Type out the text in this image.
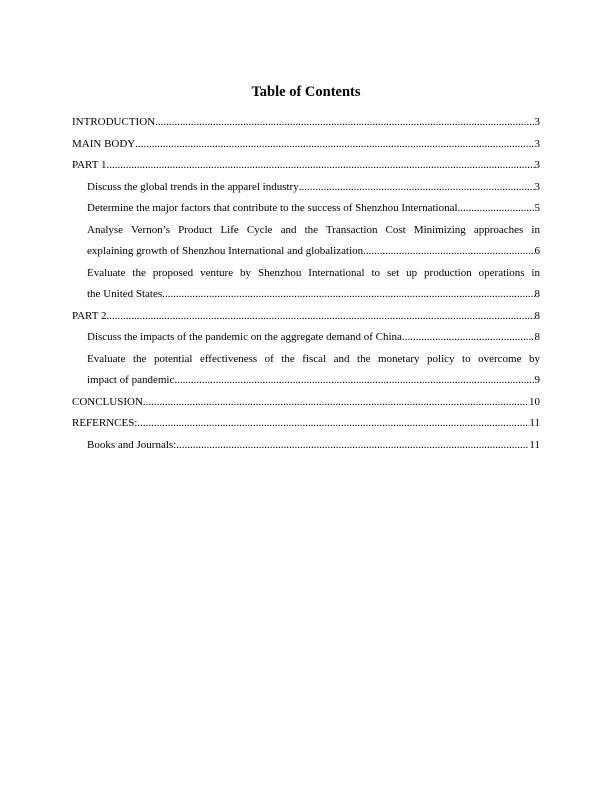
Table of Contents
INTRODUCTION .....	3
MAIN BODY .....	3
PART 1 .....	3
Discuss the global trends in the apparel industry .....	3
Determine the major factors that contribute to the success of Shenzhou International. .....	5
Analyse Vernon’s Product Life Cycle and the Transaction Cost Minimizing approaches in
explaining growth of Shenzhou International and globalization .....	6
Evaluate the proposed venture by Shenzhou International to set up production operations in
the United States. .....	8
PART 2 .....	8
Discuss the impacts of the pandemic on the aggregate demand of China. .....	8
Evaluate the potential effectiveness of the fiscal and the monetary policy to overcome by
impact of pandemic .....	9
CONCLUSION .....	10
REFERNCES: .....	11
Books and Journals: .....	11
